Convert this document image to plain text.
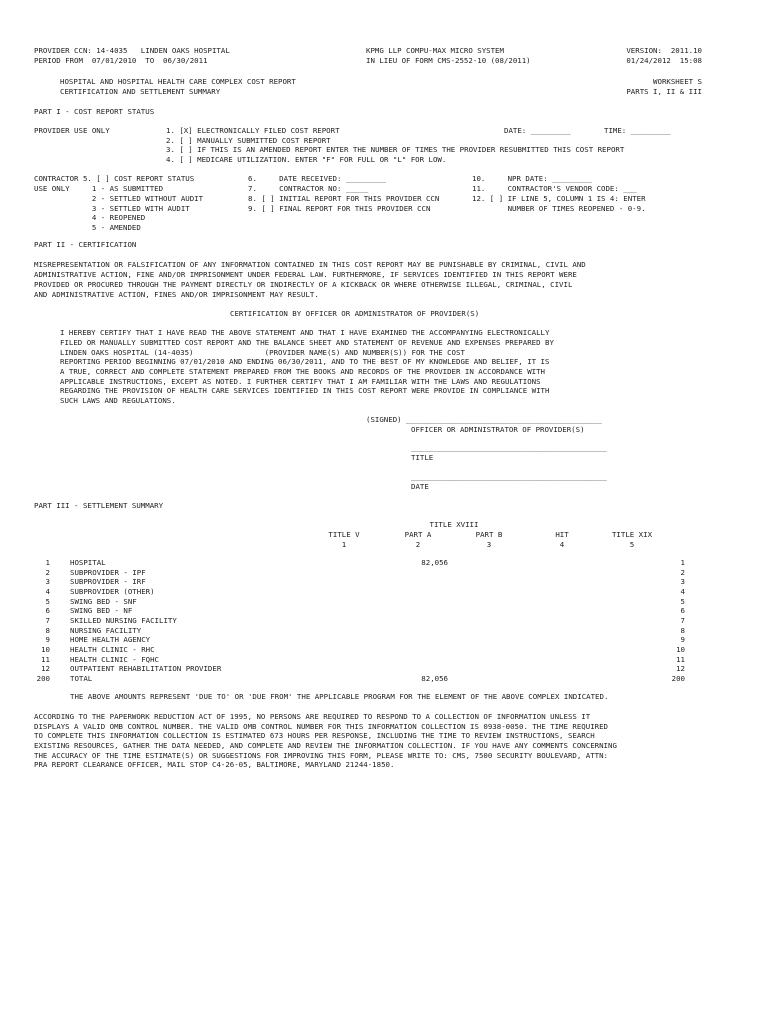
PROVIDER CCN: 14-4035   LINDEN OAKS HOSPITAL
PERIOD FROM  07/01/2010  TO  06/30/2011
KPMG LLP COMPU-MAX MICRO SYSTEM
IN LIEU OF FORM CMS-2552-10 (08/2011)
VERSION:  2011.10
01/24/2012  15:08
HOSPITAL AND HOSPITAL HEALTH CARE COMPLEX COST REPORT
CERTIFICATION AND SETTLEMENT SUMMARY
WORKSHEET S
PARTS I, II & III
PART I - COST REPORT STATUS
PROVIDER USE ONLY	1. [X] ELECTRONICALLY FILED COST REPORT
2. [ ] MANUALLY SUBMITTED COST REPORT
3. [ ] IF THIS IS AN AMENDED REPORT ENTER THE NUMBER OF TIMES THE PROVIDER RESUBMITTED THIS COST REPORT
4. [ ] MEDICARE UTILIZATION. ENTER "F" FOR FULL OR "L" FOR LOW.
DATE: _________	TIME: _________
CONTRACTOR 5. [ ] COST REPORT STATUS
USE ONLY     1 - AS SUBMITTED
2 - SETTLED WITHOUT AUDIT
3 - SETTLED WITH AUDIT
4 - REOPENED
5 - AMENDED
6.     DATE RECEIVED: _________
7.     CONTRACTOR NO: _____
8. [ ] INITIAL REPORT FOR THIS PROVIDER CCN
9. [ ] FINAL REPORT FOR THIS PROVIDER CCN
10.     NPR DATE: _________
11.     CONTRACTOR'S VENDOR CODE: ___
12. [ ] IF LINE 5, COLUMN 1 IS 4: ENTER
NUMBER OF TIMES REOPENED - 0-9.
PART II - CERTIFICATION
MISREPRESENTATION OR FALSIFICATION OF ANY INFORMATION CONTAINED IN THIS COST REPORT MAY BE PUNISHABLE BY CRIMINAL, CIVIL AND
ADMINISTRATIVE ACTION, FINE AND/OR IMPRISONMENT UNDER FEDERAL LAW. FURTHERMORE, IF SERVICES IDENTIFIED IN THIS REPORT WERE
PROVIDED OR PROCURED THROUGH THE PAYMENT DIRECTLY OR INDIRECTLY OF A KICKBACK OR WHERE OTHERWISE ILLEGAL, CRIMINAL, CIVIL
AND ADMINISTRATIVE ACTION, FINES AND/OR IMPRISONMENT MAY RESULT.
CERTIFICATION BY OFFICER OR ADMINISTRATOR OF PROVIDER(S)
I HEREBY CERTIFY THAT I HAVE READ THE ABOVE STATEMENT AND THAT I HAVE EXAMINED THE ACCOMPANYING ELECTRONICALLY
FILED OR MANUALLY SUBMITTED COST REPORT AND THE BALANCE SHEET AND STATEMENT OF REVENUE AND EXPENSES PREPARED BY
LINDEN OAKS HOSPITAL (14-4035)                (PROVIDER NAME(S) AND NUMBER(S)) FOR THE COST
REPORTING PERIOD BEGINNING 07/01/2010 AND ENDING 06/30/2011, AND TO THE BEST OF MY KNOWLEDGE AND BELIEF, IT IS
A TRUE, CORRECT AND COMPLETE STATEMENT PREPARED FROM THE BOOKS AND RECORDS OF THE PROVIDER IN ACCORDANCE WITH
APPLICABLE INSTRUCTIONS, EXCEPT AS NOTED. I FURTHER CERTIFY THAT I AM FAMILIAR WITH THE LAWS AND REGULATIONS
REGARDING THE PROVISION OF HEALTH CARE SERVICES IDENTIFIED IN THIS COST REPORT WERE PROVIDE IN COMPLIANCE WITH
SUCH LAWS AND REGULATIONS.
(SIGNED) ____________________________________________
OFFICER OR ADMINISTRATOR OF PROVIDER(S)
____________________________________________
TITLE
____________________________________________
DATE
PART III - SETTLEMENT SUMMARY
TITLE XVIII
TITLE V
1
PART A
2
PART B
3
HIT
4
TITLE XIX
5
1
2
3
4
5
6
7
8
9
10
11
12
200
HOSPITAL
SUBPROVIDER - IPF
SUBPROVIDER - IRF
SUBPROVIDER (OTHER)
SWING BED - SNF
SWING BED - NF
SKILLED NURSING FACILITY
NURSING FACILITY
HOME HEALTH AGENCY
HEALTH CLINIC - RHC
HEALTH CLINIC - FQHC
OUTPATIENT REHABILITATION PROVIDER
TOTAL
82,056
82,056
1
2
3
4
5
6
7
8
9
10
11
12
200
THE ABOVE AMOUNTS REPRESENT 'DUE TO' OR 'DUE FROM' THE APPLICABLE PROGRAM FOR THE ELEMENT OF THE ABOVE COMPLEX INDICATED.
ACCORDING TO THE PAPERWORK REDUCTION ACT OF 1995, NO PERSONS ARE REQUIRED TO RESPOND TO A COLLECTION OF INFORMATION UNLESS IT
DISPLAYS A VALID OMB CONTROL NUMBER. THE VALID OMB CONTROL NUMBER FOR THIS INFORMATION COLLECTION IS 0938-0050. THE TIME REQUIRED
TO COMPLETE THIS INFORMATION COLLECTION IS ESTIMATED 673 HOURS PER RESPONSE, INCLUDING THE TIME TO REVIEW INSTRUCTIONS, SEARCH
EXISTING RESOURCES, GATHER THE DATA NEEDED, AND COMPLETE AND REVIEW THE INFORMATION COLLECTION. IF YOU HAVE ANY COMMENTS CONCERNING
THE ACCURACY OF THE TIME ESTIMATE(S) OR SUGGESTIONS FOR IMPROVING THIS FORM, PLEASE WRITE TO: CMS, 7500 SECURITY BOULEVARD, ATTN:
PRA REPORT CLEARANCE OFFICER, MAIL STOP C4-26-05, BALTIMORE, MARYLAND 21244-1850.
